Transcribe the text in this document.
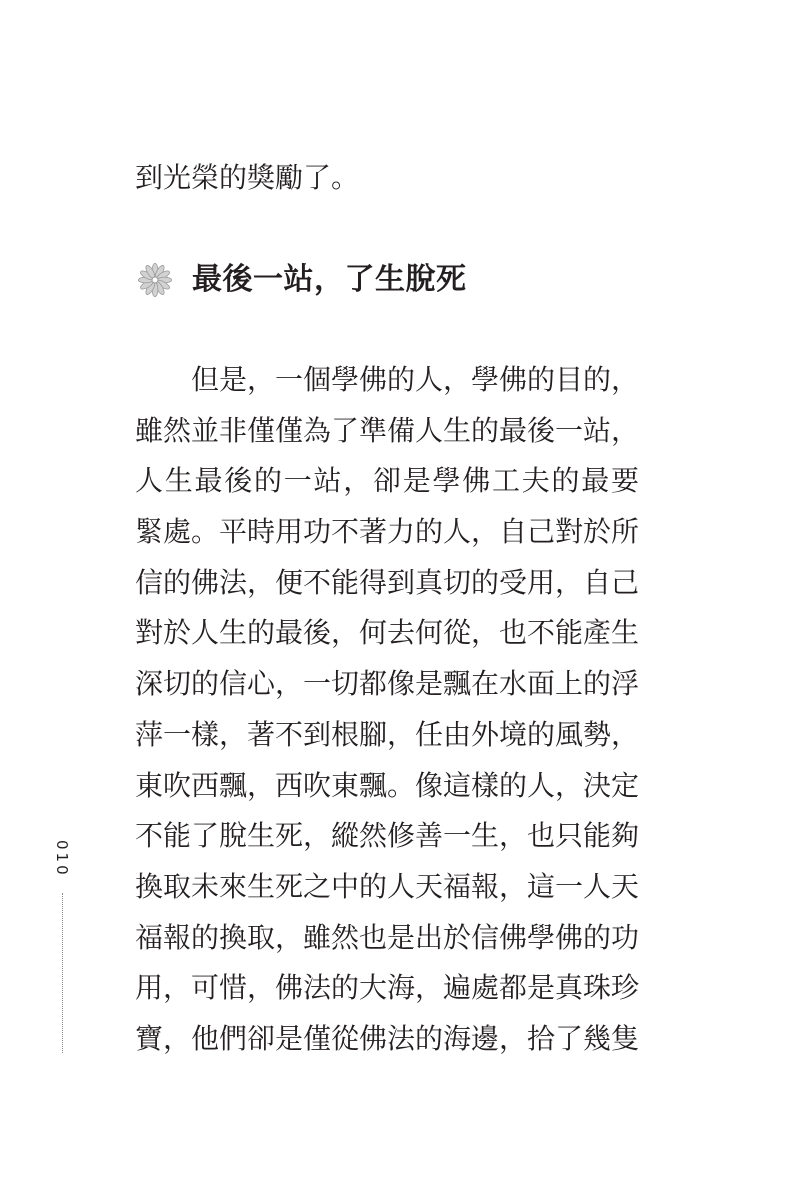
到光榮的獎勵了。
最後一站，了生脫死
但是，一個學佛的人，學佛的目的，
雖然並非僅僅為了準備人生的最後一站，
人生最後的一站，卻是學佛工夫的最要
緊處。平時用功不著力的人，自己對於所
信的佛法，便不能得到真切的受用，自己
對於人生的最後，何去何從，也不能產生
深切的信心，一切都像是飄在水面上的浮
萍一樣，著不到根腳，任由外境的風勢，
東吹西飄，西吹東飄。像這樣的人，決定
不能了脫生死，縱然修善一生，也只能夠
換取未來生死之中的人天福報，這一人天
福報的換取，雖然也是出於信佛學佛的功
用，可惜，佛法的大海，遍處都是真珠珍
寶，他們卻是僅從佛法的海邊，拾了幾隻
010
